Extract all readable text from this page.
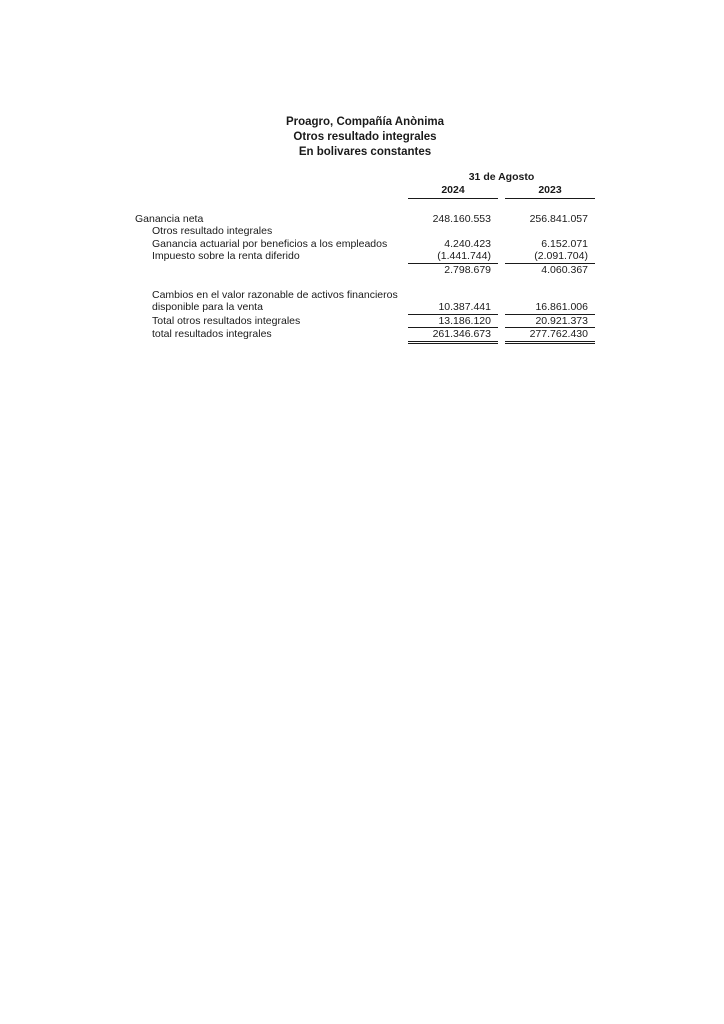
Proagro, Compañía Anònima
Otros resultado integrales
En bolivares constantes
31 de Agosto
2024	2023
Ganancia neta	248.160.553	256.841.057
Otros resultado integrales
Ganancia actuarial por beneficios a los empleados	4.240.423	6.152.071
Impuesto sobre la renta diferido	(1.441.744)	(2.091.704)
2.798.679	4.060.367
Cambios en el valor razonable de activos financieros
disponible para la venta	10.387.441	16.861.006
Total otros resultados integrales	13.186.120	20.921.373
total resultados integrales	261.346.673	277.762.430
